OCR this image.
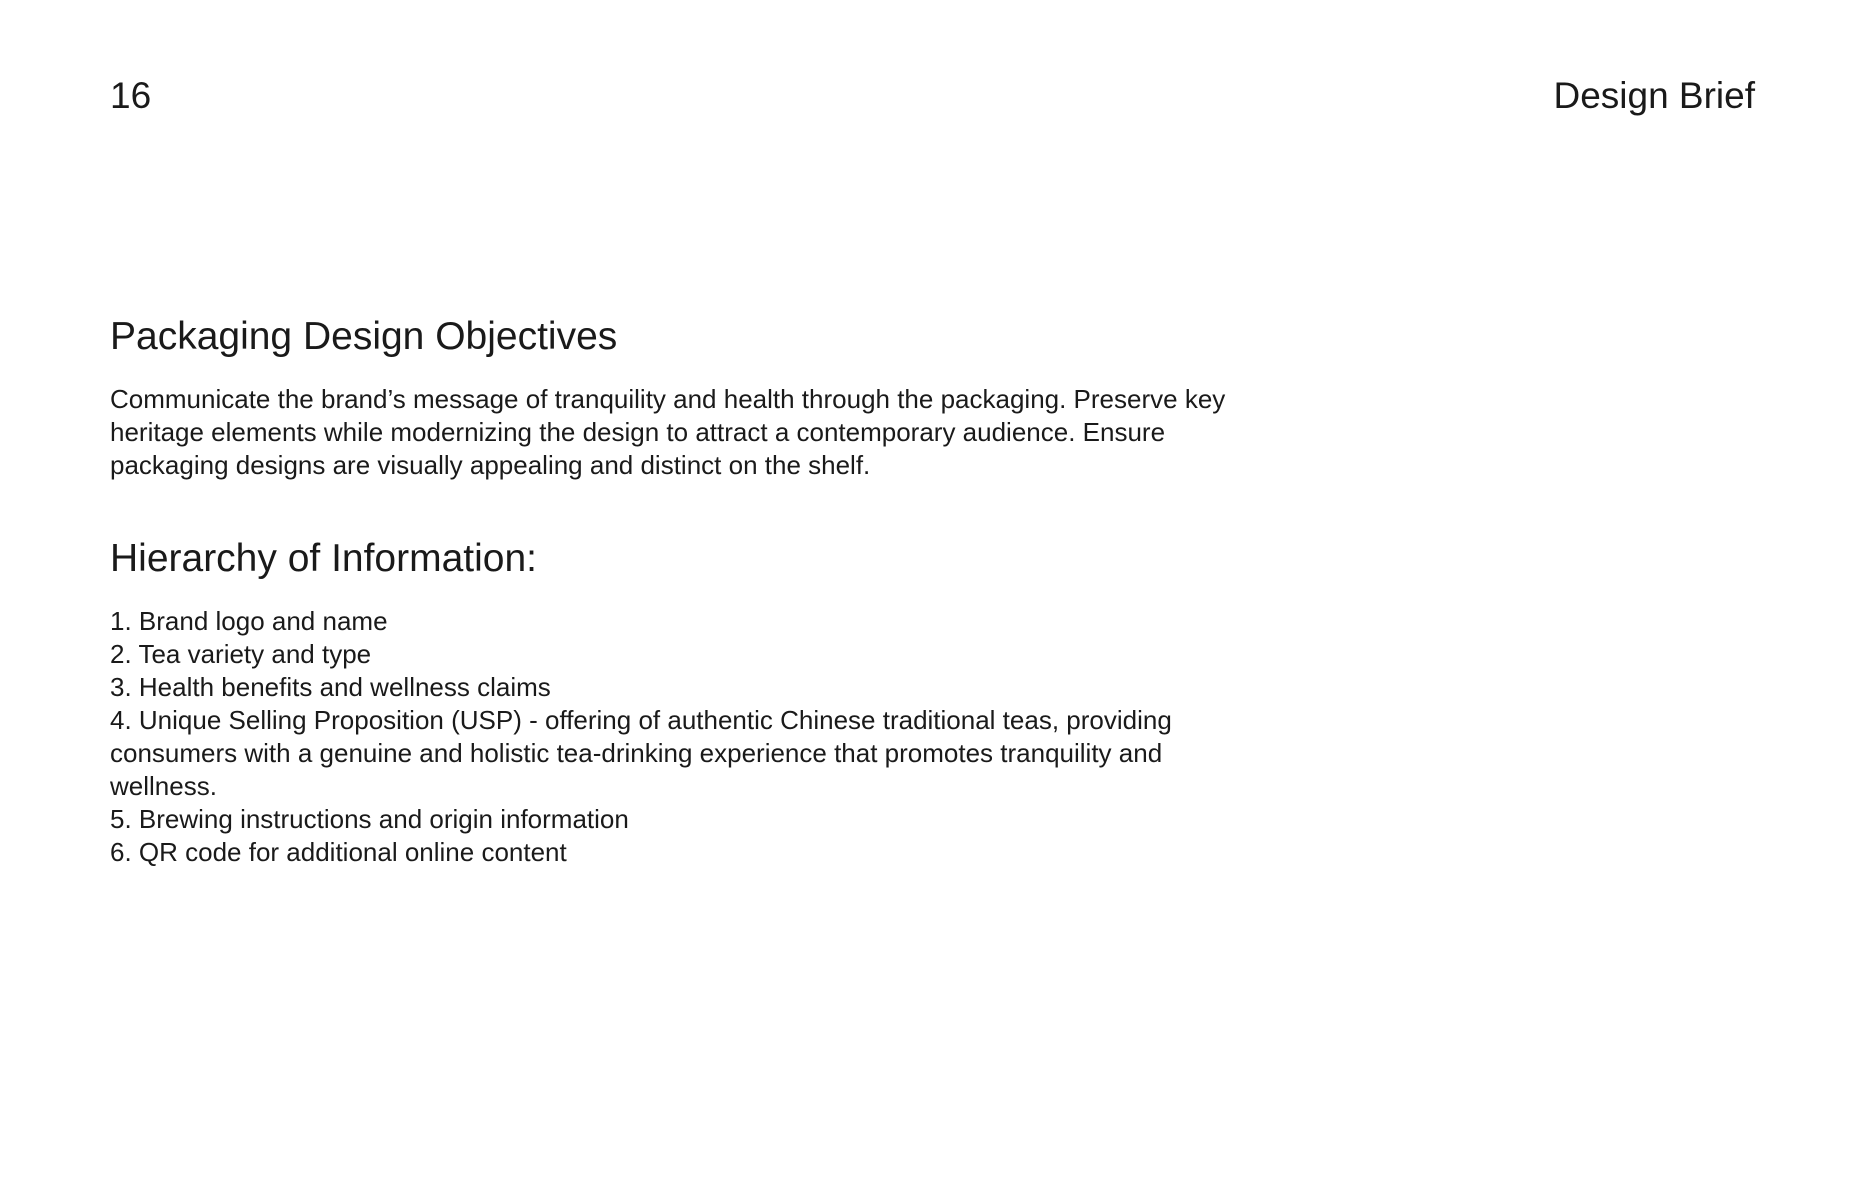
16	Design Brief
Packaging Design Objectives

Communicate the brand’s message of tranquility and health through the packaging. Preserve key heritage elements while modernizing the design to attract a contemporary audience. Ensure packaging designs are visually appealing and distinct on the shelf.

Hierarchy of Information:
1. Brand logo and name
2. Tea variety and type
3. Health benefits and wellness claims
4. Unique Selling Proposition (USP) - offering of authentic Chinese traditional teas, providing consumers with a genuine and holistic tea-drinking experience that promotes tranquility and wellness.
5. Brewing instructions and origin information
6. QR code for additional online content
